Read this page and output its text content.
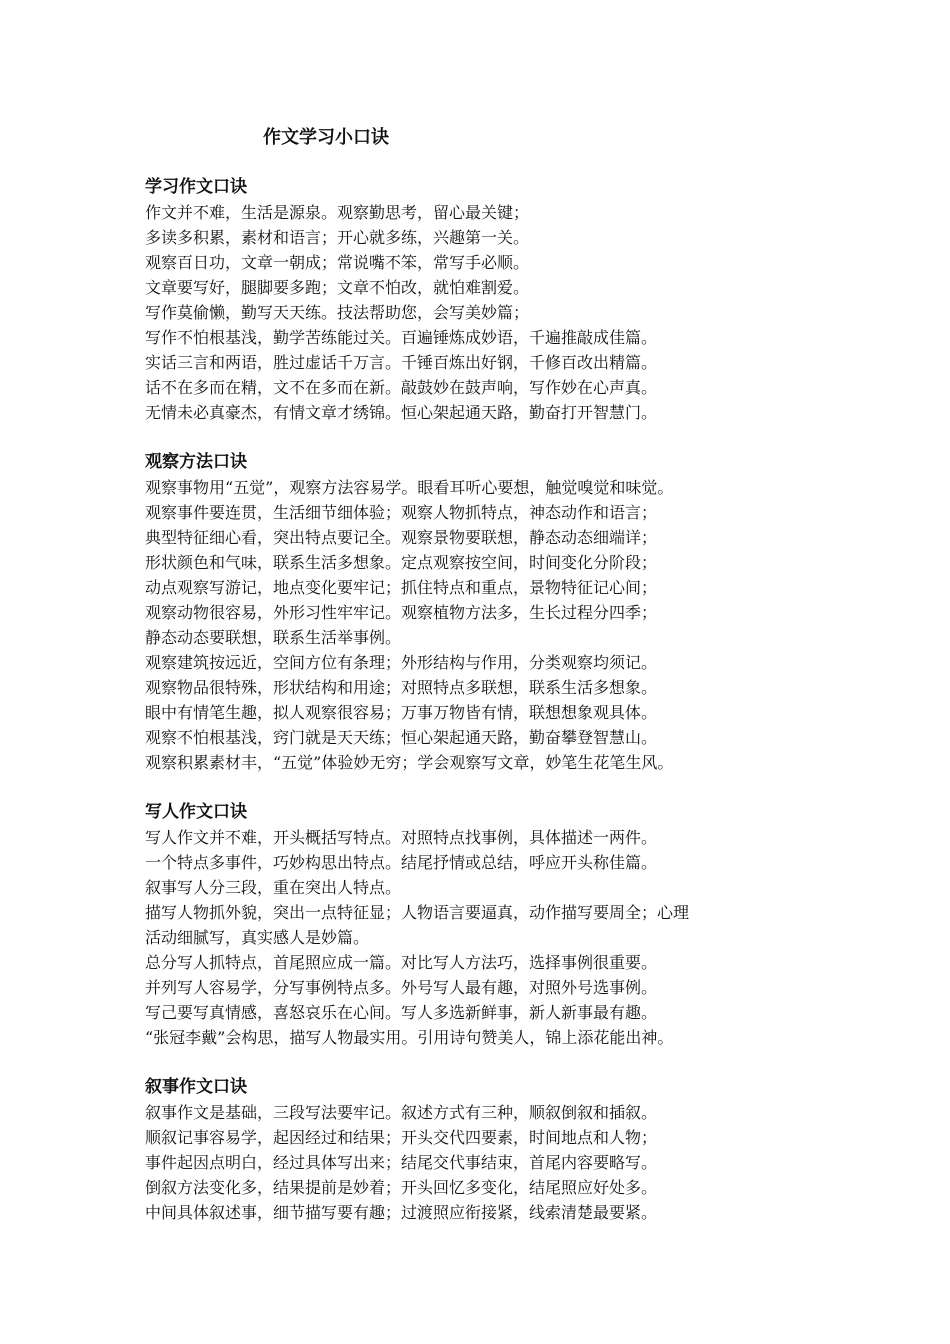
作文学习小口诀
学习作文口诀

作文并不难，生活是源泉。观察勤思考，留心最关键；

多读多积累，素材和语言；开心就多练，兴趣第一关。

观察百日功，文章一朝成；常说嘴不笨，常写手必顺。

文章要写好，腿脚要多跑；文章不怕改，就怕难割爱。

写作莫偷懒，勤写天天练。技法帮助您，会写美妙篇；

写作不怕根基浅，勤学苦练能过关。百遍锤炼成妙语，千遍推敲成佳篇。

实话三言和两语，胜过虚话千万言。千锤百炼出好钢，千修百改出精篇。

话不在多而在精，文不在多而在新。敲鼓妙在鼓声响，写作妙在心声真。

无情未必真豪杰，有情文章才绣锦。恒心架起通天路，勤奋打开智慧门。

观察方法口诀

观察事物用“五觉”，观察方法容易学。眼看耳听心要想，触觉嗅觉和味觉。

观察事件要连贯，生活细节细体验；观察人物抓特点，神态动作和语言；

典型特征细心看，突出特点要记全。观察景物要联想，静态动态细端详；

形状颜色和气味，联系生活多想象。定点观察按空间，时间变化分阶段；

动点观察写游记，地点变化要牢记；抓住特点和重点，景物特征记心间；

观察动物很容易，外形习性牢牢记。观察植物方法多，生长过程分四季；

静态动态要联想，联系生活举事例。

观察建筑按远近，空间方位有条理；外形结构与作用，分类观察均须记。

观察物品很特殊，形状结构和用途；对照特点多联想，联系生活多想象。

眼中有情笔生趣，拟人观察很容易；万事万物皆有情，联想想象观具体。

观察不怕根基浅，窍门就是天天练；恒心架起通天路，勤奋攀登智慧山。

观察积累素材丰，“五觉”体验妙无穷；学会观察写文章，妙笔生花笔生风。

写人作文口诀

写人作文并不难，开头概括写特点。对照特点找事例，具体描述一两件。

一个特点多事件，巧妙构思出特点。结尾抒情或总结，呼应开头称佳篇。

叙事写人分三段，重在突出人特点。

描写人物抓外貌，突出一点特征显；人物语言要逼真，动作描写要周全；心理

活动细腻写，真实感人是妙篇。

总分写人抓特点，首尾照应成一篇。对比写人方法巧，选择事例很重要。

并列写人容易学，分写事例特点多。外号写人最有趣，对照外号选事例。

写己要写真情感，喜怒哀乐在心间。写人多选新鲜事，新人新事最有趣。

“张冠李戴”会构思，描写人物最实用。引用诗句赞美人，锦上添花能出神。

叙事作文口诀

叙事作文是基础，三段写法要牢记。叙述方式有三种，顺叙倒叙和插叙。

顺叙记事容易学，起因经过和结果；开头交代四要素，时间地点和人物；

事件起因点明白，经过具体写出来；结尾交代事结束，首尾内容要略写。

倒叙方法变化多，结果提前是妙着；开头回忆多变化，结尾照应好处多。

中间具体叙述事，细节描写要有趣；过渡照应衔接紧，线索清楚最要紧。
